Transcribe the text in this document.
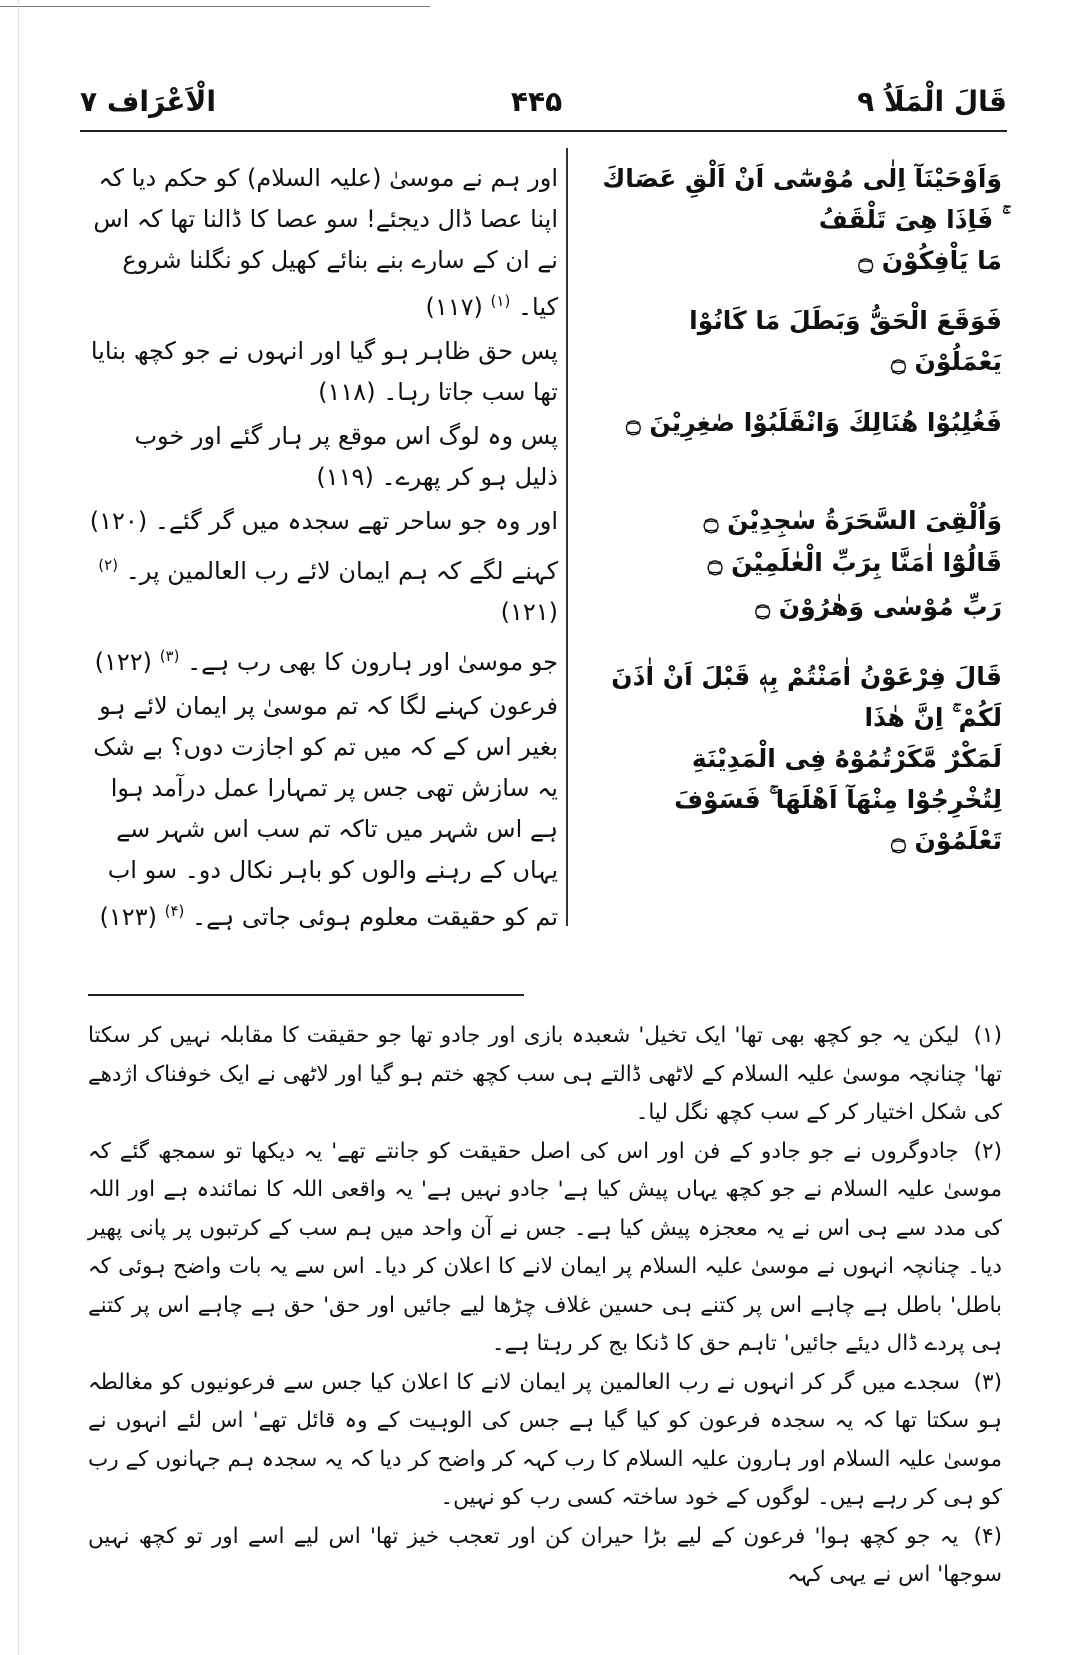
الْاَعْرَاف ۷	۴۴۵	قَالَ الْمَلَاُ ۹
وَاَوْحَيْنَآ اِلٰى مُوْسٰٓى اَنْ اَلْقِ عَصَاكَ ۚ فَاِذَا هِىَ تَلْقَفُ
مَا يَاْفِكُوْنَ ۝
فَوَقَعَ الْحَقُّ وَبَطَلَ مَا كَانُوْا يَعْمَلُوْنَ ۝
فَغُلِبُوْا هُنَالِكَ وَانْقَلَبُوْا صٰغِرِيْنَ ۝
وَاُلْقِىَ السَّحَرَةُ سٰجِدِيْنَ ۝
قَالُوْٓا اٰمَنَّا بِرَبِّ الْعٰلَمِيْنَ ۝
رَبِّ مُوْسٰى وَهٰرُوْنَ ۝
قَالَ فِرْعَوْنُ اٰمَنْتُمْ بِهٖ قَبْلَ اَنْ اٰذَنَ لَكُمْ ۚ اِنَّ هٰذَا
لَمَكْرٌ مَّكَرْتُمُوْهُ فِى الْمَدِيْنَةِ لِتُخْرِجُوْا مِنْهَآ اَهْلَهَا ۚ فَسَوْفَ
تَعْلَمُوْنَ ۝

اور ہم نے موسیٰ (علیہ السلام) کو حکم دیا کہ اپنا عصا ڈال دیجئے! سو عصا کا ڈالنا تھا کہ اس نے ان کے سارے بنے بنائے کھیل کو نگلنا شروع کیا۔ $^{(۱)}$ (۱۱۷)

پس حق ظاہر ہو گیا اور انہوں نے جو کچھ بنایا تھا سب جاتا رہا۔ (۱۱۸)

پس وہ لوگ اس موقع پر ہار گئے اور خوب ذلیل ہو کر پھرے۔ (۱۱۹)

اور وہ جو ساحر تھے سجدہ میں گر گئے۔ (۱۲۰)

کہنے لگے کہ ہم ایمان لائے رب العالمین پر۔ $^{(۲)}$ (۱۲۱)

جو موسیٰ اور ہارون کا بھی رب ہے۔ $^{(۳)}$ (۱۲۲)

فرعون کہنے لگا کہ تم موسیٰ پر ایمان لائے ہو بغیر اس کے کہ میں تم کو اجازت دوں؟ بے شک یہ سازش تھی جس پر تمہارا عمل درآمد ہوا ہے اس شہر میں تاکہ تم سب اس شہر سے یہاں کے رہنے والوں کو باہر نکال دو۔ سو اب تم کو حقیقت معلوم ہوئی جاتی ہے۔ $^{(۴)}$ (۱۲۳)

(۱) لیکن یہ جو کچھ بھی تھا' ایک تخیل' شعبدہ بازی اور جادو تھا جو حقیقت کا مقابلہ نہیں کر سکتا تھا' چنانچہ موسیٰ علیہ السلام کے لاٹھی ڈالتے ہی سب کچھ ختم ہو گیا اور لاٹھی نے ایک خوفناک اژدھے کی شکل اختیار کر کے سب کچھ نگل لیا۔

(۲) جادوگروں نے جو جادو کے فن اور اس کی اصل حقیقت کو جانتے تھے' یہ دیکھا تو سمجھ گئے کہ موسیٰ علیہ السلام نے جو کچھ یہاں پیش کیا ہے' جادو نہیں ہے' یہ واقعی اللہ کا نمائندہ ہے اور اللہ کی مدد سے ہی اس نے یہ معجزہ پیش کیا ہے۔ جس نے آن واحد میں ہم سب کے کرتبوں پر پانی پھیر دیا۔ چنانچہ انہوں نے موسیٰ علیہ السلام پر ایمان لانے کا اعلان کر دیا۔ اس سے یہ بات واضح ہوئی کہ باطل' باطل ہے چاہے اس پر کتنے ہی حسین غلاف چڑھا لیے جائیں اور حق' حق ہے چاہے اس پر کتنے ہی پردے ڈال دیئے جائیں' تاہم حق کا ڈنکا بج کر رہتا ہے۔

(۳) سجدے میں گر کر انہوں نے رب العالمین پر ایمان لانے کا اعلان کیا جس سے فرعونیوں کو مغالطہ ہو سکتا تھا کہ یہ سجدہ فرعون کو کیا گیا ہے جس کی الوہیت کے وہ قائل تھے' اس لئے انہوں نے موسیٰ علیہ السلام اور ہارون علیہ السلام کا رب کہہ کر واضح کر دیا کہ یہ سجدہ ہم جہانوں کے رب کو ہی کر رہے ہیں۔ لوگوں کے خود ساختہ کسی رب کو نہیں۔

(۴) یہ جو کچھ ہوا' فرعون کے لیے بڑا حیران کن اور تعجب خیز تھا' اس لیے اسے اور تو کچھ نہیں سوجھا' اس نے یہی کہہ
